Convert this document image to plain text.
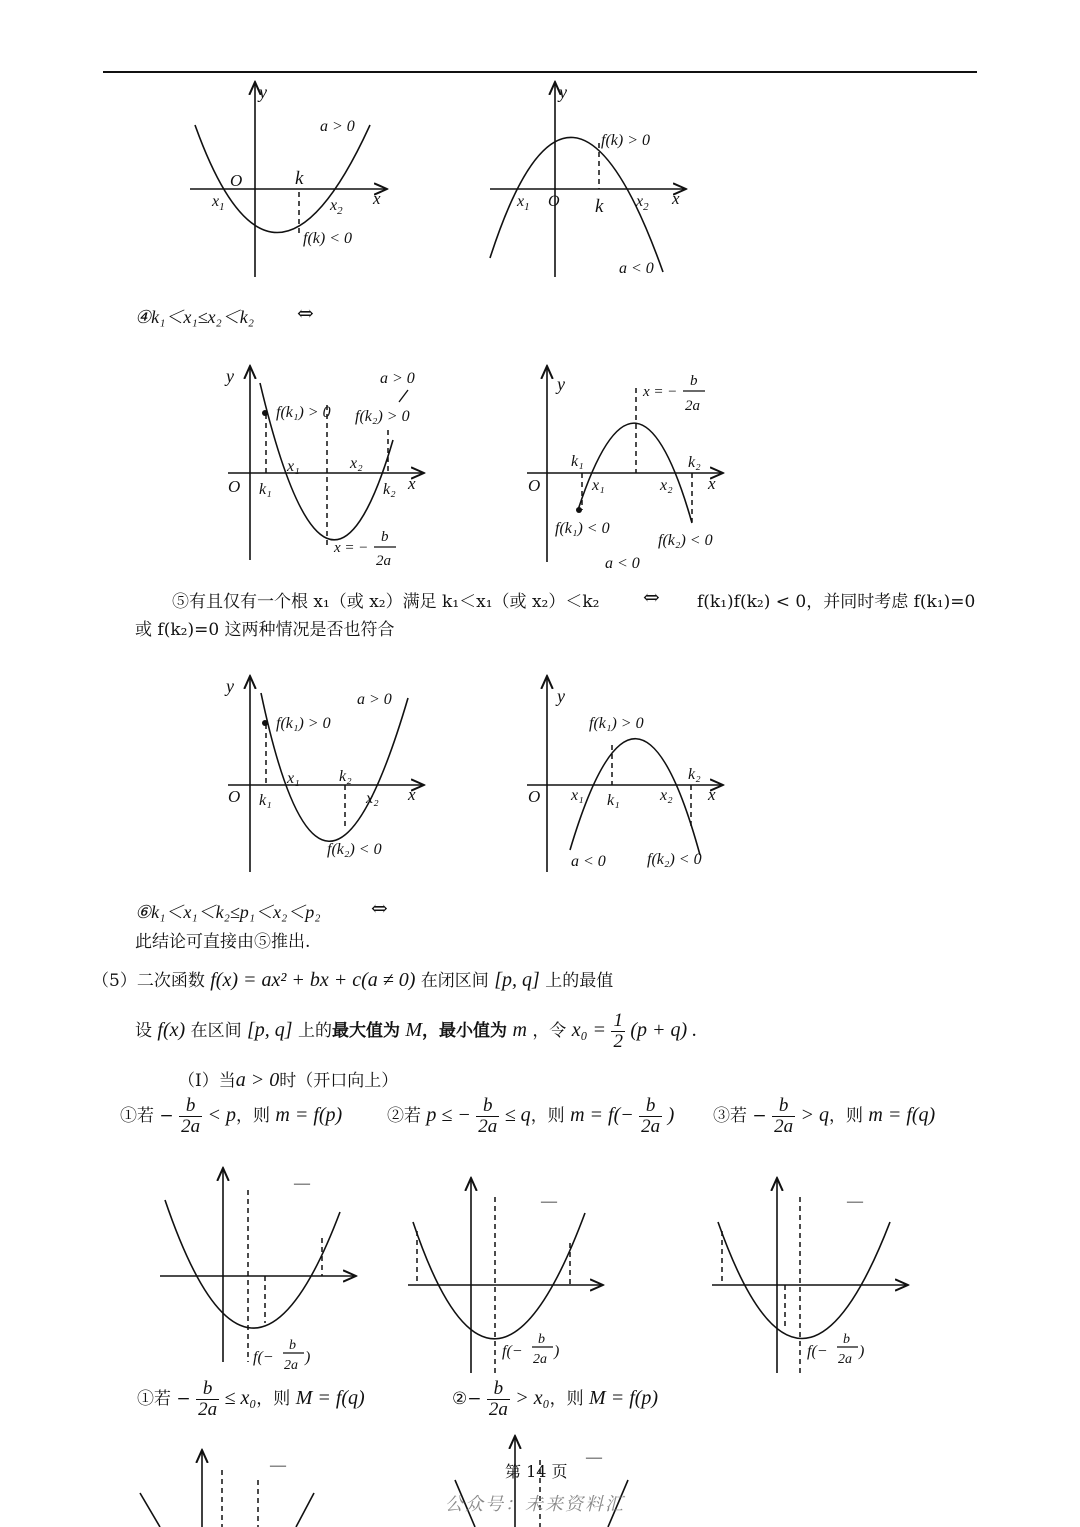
y
O	k
x
$x_1$	$x_2$
a > 0
f(k) < 0
y
O k	x
$x_1$	$x_2$
f(k) > 0
a < 0
y
O
f(k₁) > 0 f(k₂) > 0
a > 0
k₁	k₂
x₁	x₂
x
x = −
b
2a
y
O
k₁	k₂
x₁	x₂ x
f(k₁) < 0
f(k₂) < 0
a < 0
x = −
b
2a
y
O
f(k₁) > 0
a > 0
k₁
k₂
x₁
x₂ x
f(k₂) < 0
y
O
f(k₁) > 0
x₁ k₁	x₂
k₂
x
a < 0	f(k₂) < 0
—
f(−
b
2a )
—
f(−
b
2a )
—
f(−
b
2a )
—	—
④k₁＜x₁≤x₂＜k₂ ⇔
⑤有且仅有一个根 x₁（或 x₂）满足 k₁＜x₁（或 x₂）＜k₂ ⇔ f(k₁)f(k₂) < 0，并同时考虑 f(k₁)=0
或 f(k₂)=0 这两种情况是否也符合
⑥k₁＜x₁＜k₂≤p₁＜x₂＜p₂	⇔
此结论可直接由⑤推出.
（5）二次函数 f(x) = ax² + bx + c(a ≠ 0) 在闭区间 [p, q] 上的最值
设 f(x) 在区间 [p, q] 上的最大值为 M，最小值为 m ，令 $x_0 = \frac{1}{2} (p + q)$ .
（Ⅰ）当a > 0时（开口向上）
①若 − $\frac{b}{2a} < p$，则 m = f(p)	②若 p ≤ − $\frac{b}{2a} \le q$，则 $m = f(- \frac{b}{2a}$ ) ③若 − $\frac{b}{2a} > q$，则 m = f(q)
①若 − $\frac{b}{2a} \le x_0$，则 M = f(q)	②− $\frac{b}{2a} > x_0$，则 M = f(p)
第 14 页
公众号：未来资料汇
